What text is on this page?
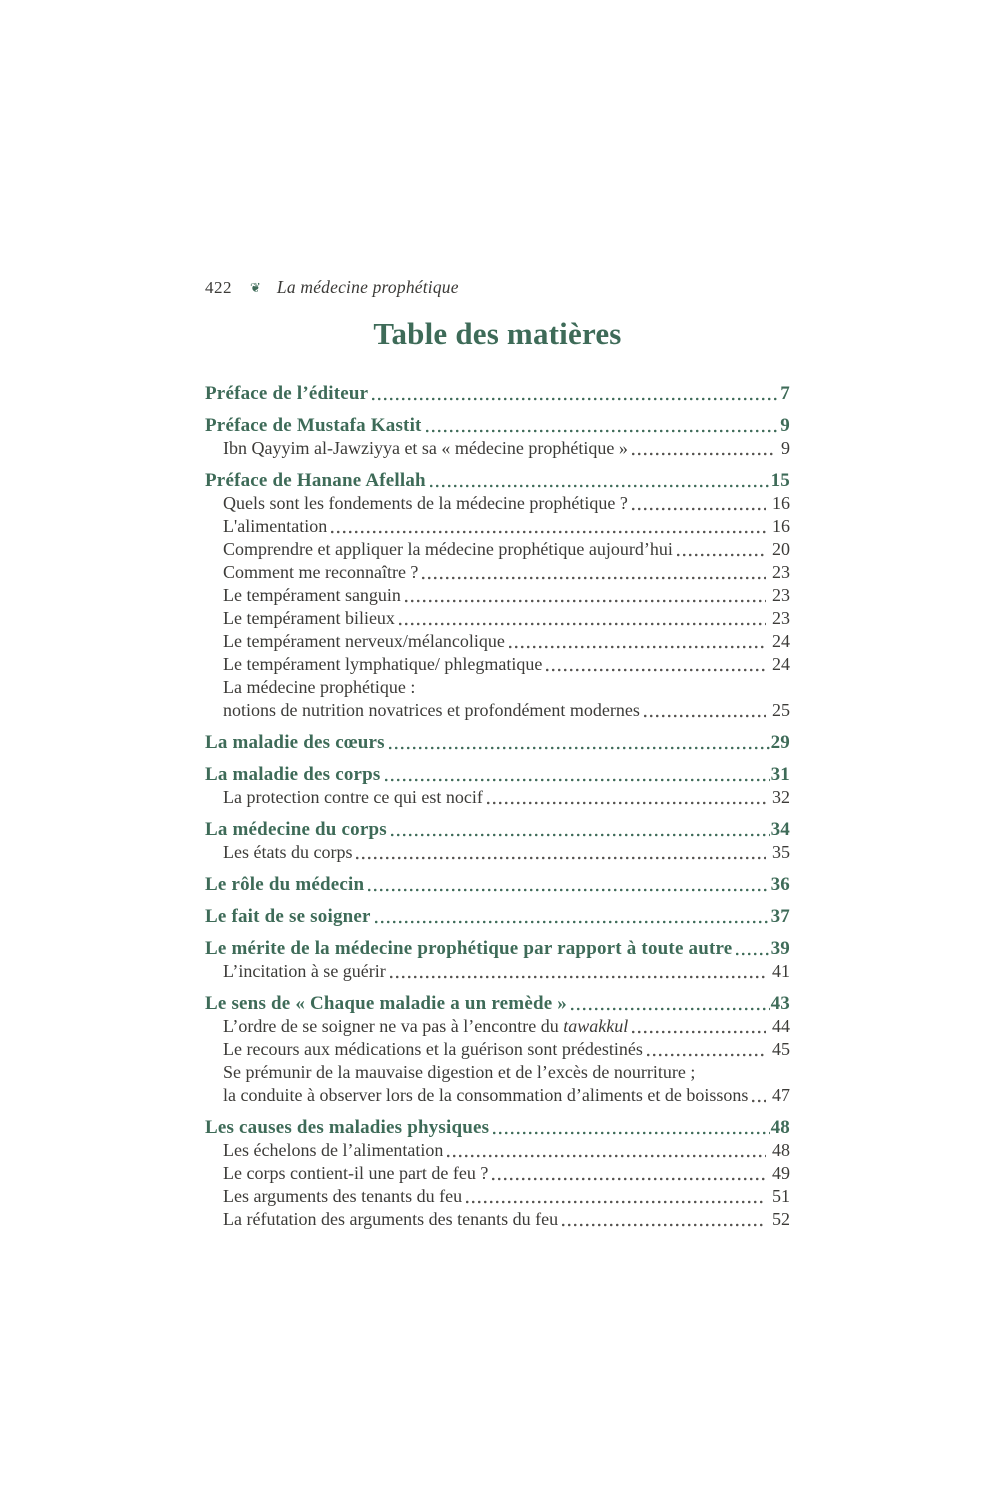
422 ❦ La médecine prophétique
Table des matières
Préface de l’éditeur	7
Préface de Mustafa Kastit	9
Ibn Qayyim al-Jawziyya et sa « médecine prophétique »	9
Préface de Hanane Afellah	15
Quels sont les fondements de la médecine prophétique ?	16
L'alimentation	16
Comprendre et appliquer la médecine prophétique aujourd’hui	20
Comment me reconnaître ?	23
Le tempérament sanguin	23
Le tempérament bilieux	23
Le tempérament nerveux/mélancolique	24
Le tempérament lymphatique/ phlegmatique	24
La médecine prophétique :
notions de nutrition novatrices et profondément modernes	25
La maladie des cœurs	29
La maladie des corps	31
La protection contre ce qui est nocif	32
La médecine du corps	34
Les états du corps	35
Le rôle du médecin	36
Le fait de se soigner	37
Le mérite de la médecine prophétique par rapport à toute autre 39
L’incitation à se guérir	41
Le sens de « Chaque maladie a un remède »	43
L’ordre de se soigner ne va pas à l’encontre du tawakkul	44
Le recours aux médications et la guérison sont prédestinés	45
Se prémunir de la mauvaise digestion et de l’excès de nourriture ;
la conduite à observer lors de la consommation d’aliments et de boissons 47
Les causes des maladies physiques	48
Les échelons de l’alimentation	48
Le corps contient-il une part de feu ?	49
Les arguments des tenants du feu	51
La réfutation des arguments des tenants du feu	52
